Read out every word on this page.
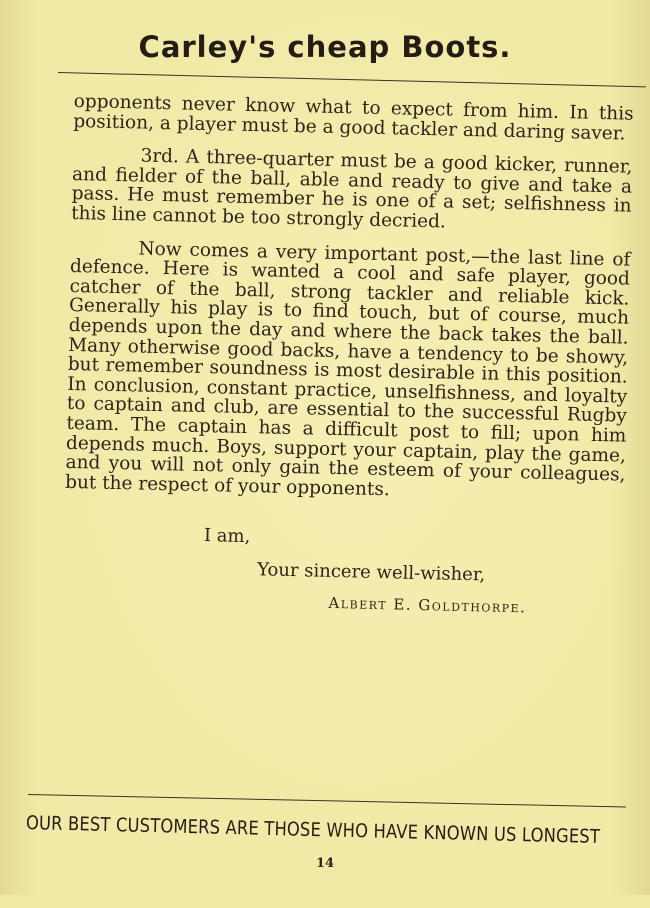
Carley's cheap Boots.

opponents never know what to expect from him. In this position, a player must be a good tackler and daring saver.

3rd. A three-quarter must be a good kicker, runner, and fielder of the ball, able and ready to give and take a pass. He must remember he is one of a set; selfishness in this line cannot be too strongly decried.

Now comes a very important post,—the last line of defence. Here is wanted a cool and safe player, good catcher of the ball, strong tackler and reliable kick. Generally his play is to find touch, but of course, much depends upon the day and where the back takes the ball. Many otherwise good backs, have a tendency to be showy, but remember soundness is most desirable in this position. In conclusion, constant practice, unselfishness, and loyalty to captain and club, are essential to the successful Rugby team. The captain has a difficult post to fill; upon him depends much. Boys, support your captain, play the game, and you will not only gain the esteem of your colleagues, but the respect of your opponents.

I am,
Your sincere well-wisher,
Albert E. Goldthorpe.
OUR BEST CUSTOMERS ARE THOSE WHO HAVE KNOWN US LONGEST
14
